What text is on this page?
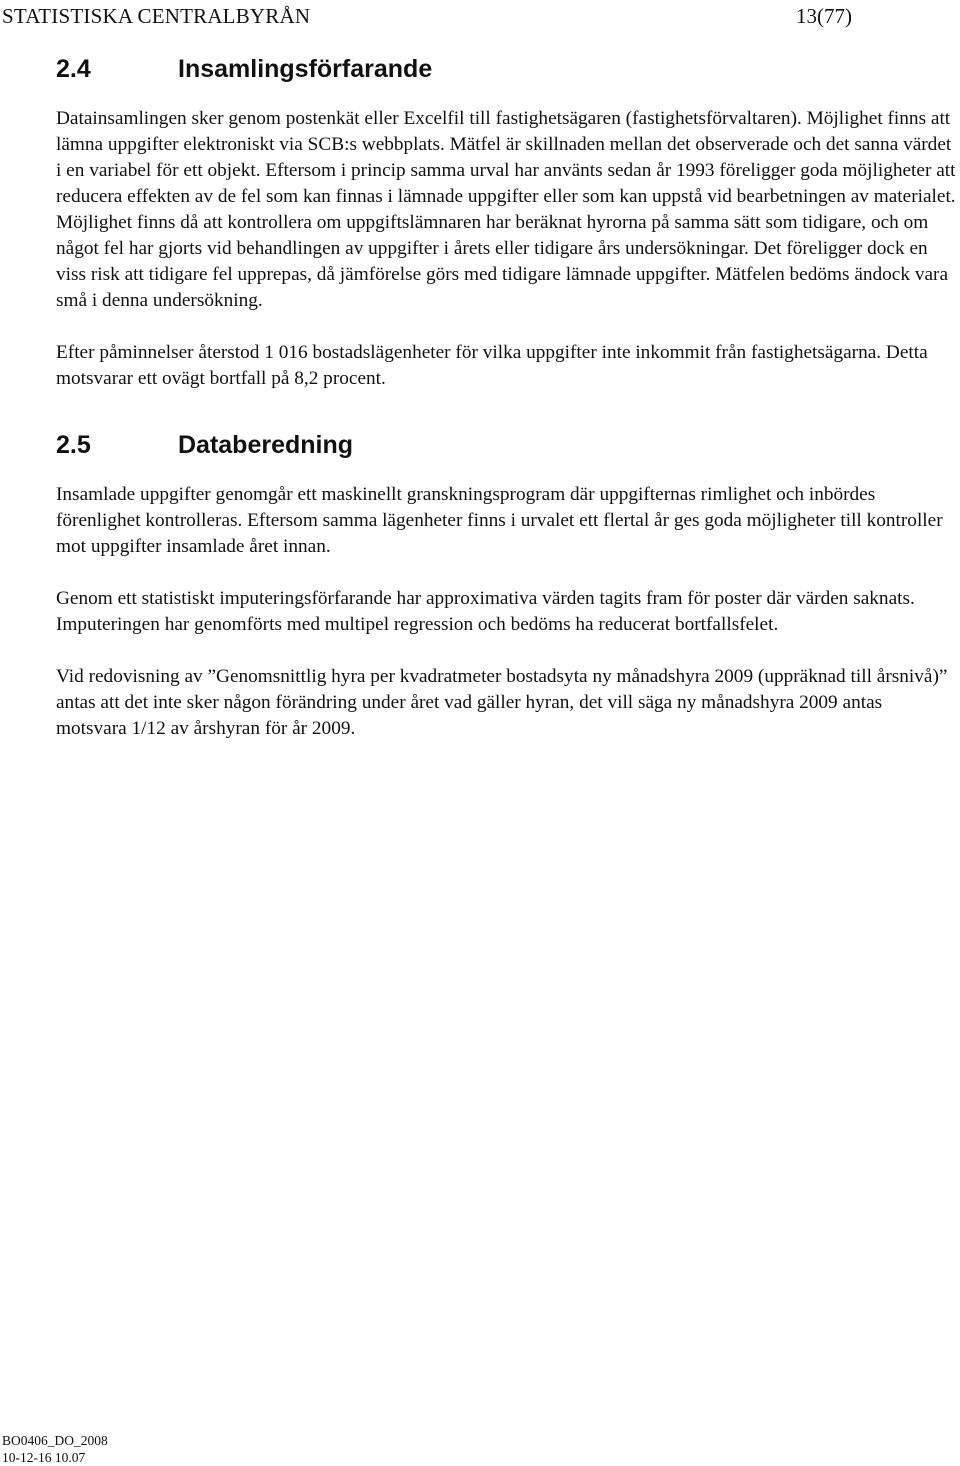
STATISTISKA CENTRALBYRÅN	13(77)
2.4	Insamlingsförfarande

Datainsamlingen sker genom postenkät eller Excelfil till fastighetsägaren (fastighetsförvaltaren). Möjlighet finns att lämna uppgifter elektroniskt via SCB:s webbplats. Mätfel är skillnaden mellan det observerade och det sanna värdet i en variabel för ett objekt. Eftersom i princip samma urval har använts sedan år 1993 föreligger goda möjligheter att reducera effekten av de fel som kan finnas i lämnade uppgifter eller som kan uppstå vid bearbetningen av materialet. Möjlighet finns då att kontrollera om uppgiftslämnaren har beräknat hyrorna på samma sätt som tidigare, och om något fel har gjorts vid behandlingen av uppgifter i årets eller tidigare års undersökningar. Det föreligger dock en viss risk att tidigare fel upprepas, då jämförelse görs med tidigare lämnade uppgifter. Mätfelen bedöms ändock vara små i denna undersökning.

Efter påminnelser återstod 1 016 bostadslägenheter för vilka uppgifter inte inkommit från fastighetsägarna. Detta motsvarar ett ovägt bortfall på 8,2 procent.

2.5	Databeredning

Insamlade uppgifter genomgår ett maskinellt granskningsprogram där uppgifternas rimlighet och inbördes förenlighet kontrolleras. Eftersom samma lägenheter finns i urvalet ett flertal år ges goda möjligheter till kontroller mot uppgifter insamlade året innan.

Genom ett statistiskt imputeringsförfarande har approximativa värden tagits fram för poster där värden saknats. Imputeringen har genomförts med multipel regression och bedöms ha reducerat bortfallsfelet.

Vid redovisning av ”Genomsnittlig hyra per kvadratmeter bostadsyta ny månadshyra 2009 (uppräknad till årsnivå)” antas att det inte sker någon förändring under året vad gäller hyran, det vill säga ny månadshyra 2009 antas motsvara 1/12 av årshyran för år 2009.

BO0406_DO_2008
10-12-16 10.07
